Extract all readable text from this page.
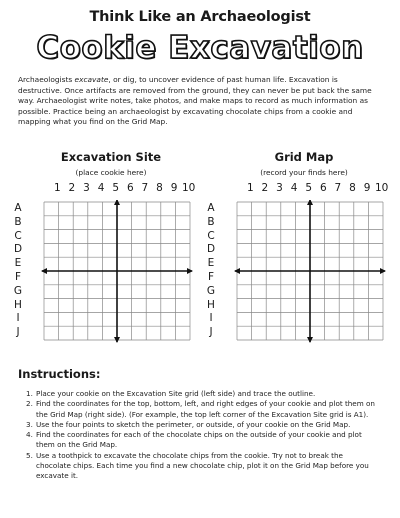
Think Like an Archaeologist
Cookie Excavation
Archaeologists excavate, or dig, to uncover evidence of past human life. Excavation is destructive. Once artifacts are removed from the ground, they can never be put back the same way. Archaeologist write notes, take photos, and make maps to record as much information as possible. Practice being an archaeologist by excavating chocolate chips from a cookie and mapping what you find on the Grid Map.
Excavation Site
(place cookie here)
1 2 3 4 5 6 7 8 9 10
A
B
C
D
E
F
G
H
I
J
Grid Map
(record your finds here)
1 2 3 4 5 6 7 8 9 10
A
B
C
D
E
F
G
H
I
J
Instructions:
1. Place your cookie on the Excavation Site grid (left side) and trace the outline.
2. Find the coordinates for the top, bottom, left, and right edges of your cookie and plot them on the Grid Map (right side). (For example, the top left corner of the Excavation Site grid is A1).
3. Use the four points to sketch the perimeter, or outside, of your cookie on the Grid Map.
4. Find the coordinates for each of the chocolate chips on the outside of your cookie and plot them on the Grid Map.
5. Use a toothpick to excavate the chocolate chips from the cookie. Try not to break the chocolate chips. Each time you find a new chocolate chip, plot it on the Grid Map before you excavate it.
